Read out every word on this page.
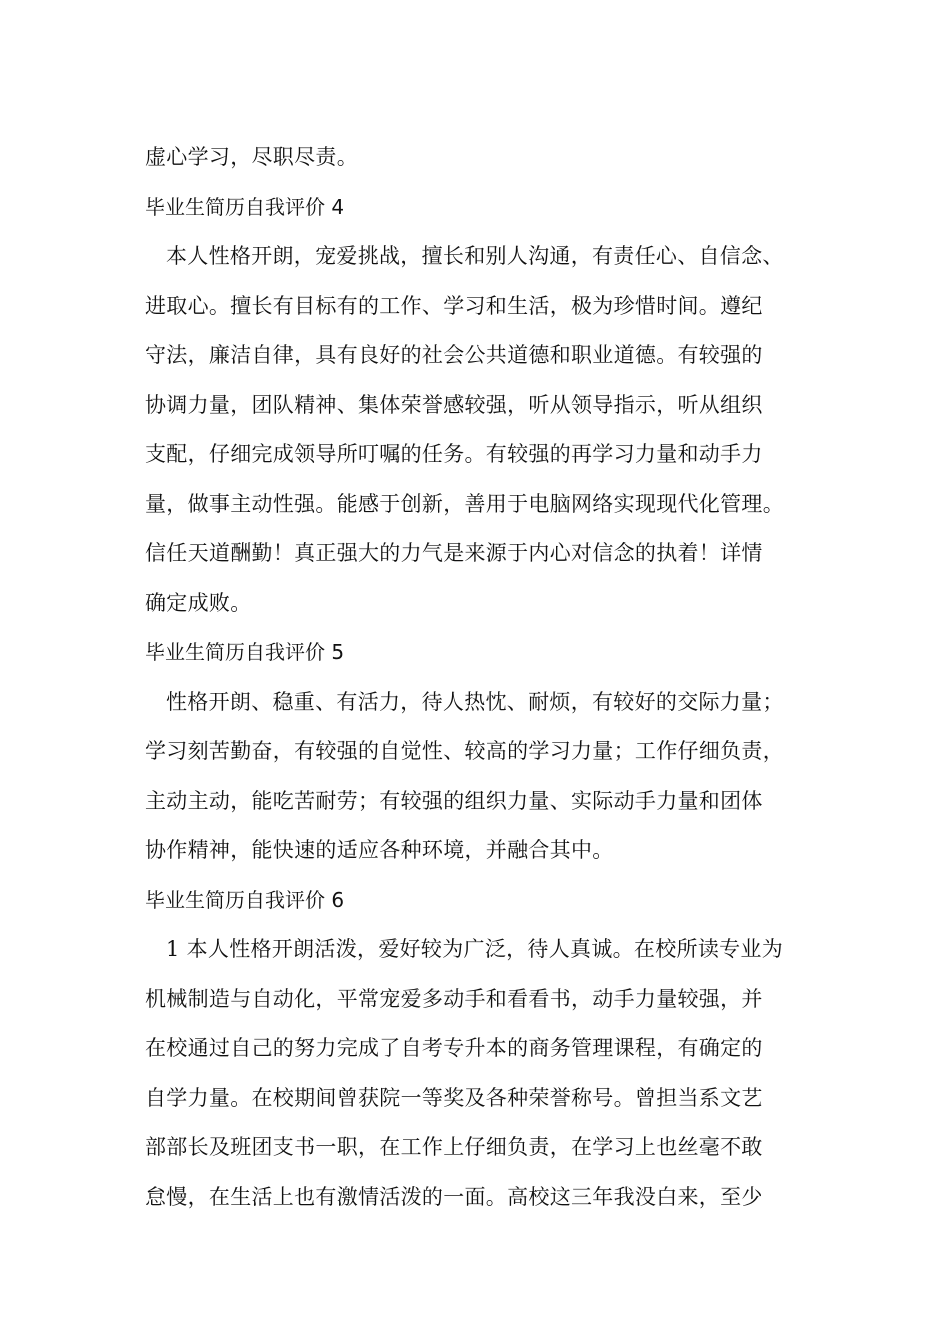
虚心学习，尽职尽责。
毕业生简历自我评价 4
本人性格开朗，宠爱挑战，擅长和别人沟通，有责任心、自信念、
进取心。擅长有目标有的工作、学习和生活，极为珍惜时间。遵纪
守法，廉洁自律，具有良好的社会公共道德和职业道德。有较强的
协调力量，团队精神、集体荣誉感较强，听从领导指示，听从组织
支配，仔细完成领导所叮嘱的任务。有较强的再学习力量和动手力
量，做事主动性强。能感于创新，善用于电脑网络实现现代化管理。
信任天道酬勤！真正强大的力气是来源于内心对信念的执着！详情
确定成败。
毕业生简历自我评价 5
性格开朗、稳重、有活力，待人热忱、耐烦，有较好的交际力量；
学习刻苦勤奋，有较强的自觉性、较高的学习力量；工作仔细负责，
主动主动，能吃苦耐劳；有较强的组织力量、实际动手力量和团体
协作精神，能快速的适应各种环境，并融合其中。
毕业生简历自我评价 6
1 本人性格开朗活泼，爱好较为广泛，待人真诚。在校所读专业为
机械制造与自动化，平常宠爱多动手和看看书，动手力量较强，并
在校通过自己的努力完成了自考专升本的商务管理课程，有确定的
自学力量。在校期间曾获院一等奖及各种荣誉称号。曾担当系文艺
部部长及班团支书一职，在工作上仔细负责，在学习上也丝毫不敢
怠慢，在生活上也有激情活泼的一面。高校这三年我没白来，至少
